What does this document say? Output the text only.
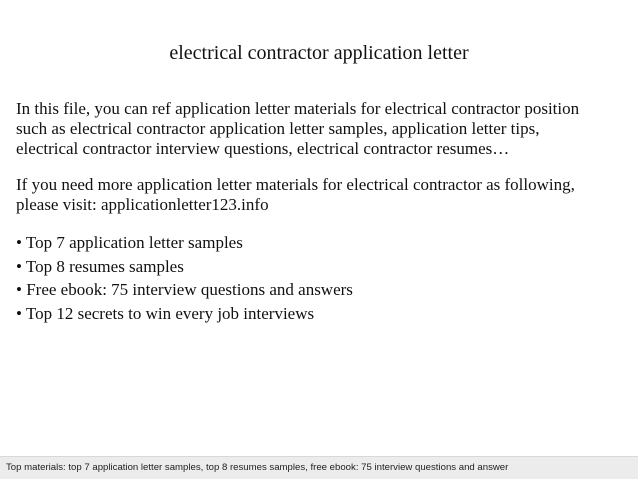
electrical contractor application letter

In this file, you can ref application letter materials for electrical contractor position
such as electrical contractor application letter samples, application letter tips,
electrical contractor interview questions, electrical contractor resumes…

If you need more application letter materials for electrical contractor as following,
please visit: applicationletter123.info

• Top 7 application letter samples
• Top 8 resumes samples
• Free ebook: 75 interview questions and answers
• Top 12 secrets to win every job interviews
Top materials: top 7 application letter samples, top 8 resumes samples, free ebook: 75 interview questions and answer
